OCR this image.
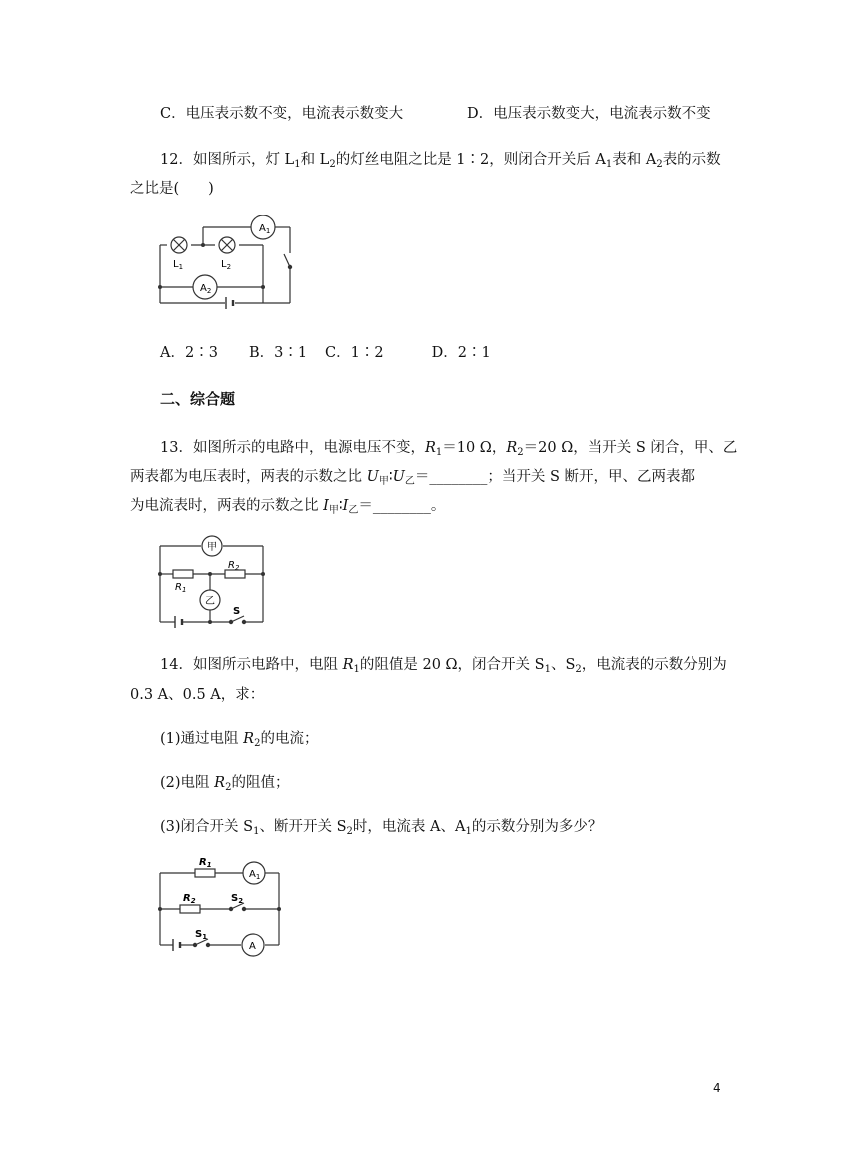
C．电压表示数不变，电流表示数变大	D．电压表示数变大，电流表示数不变
12．如图所示，灯 $L_1$和 $L_2$的灯丝电阻之比是 1∶2，则闭合开关后 $A_1$表和 $A_2$表的示数
之比是(　　)
$A_1$
$A_2$
$L_1$	$L_2$
A．2∶3 B．3∶1 C．1∶2	D．2∶1
二、综合题
13．如图所示的电路中，电源电压不变，$R_1=10$ Ω，$R_2=20$ Ω，当开关 S 闭合，甲、乙
两表都为电压表时，两表的示数之比 $U_甲∶U_乙=\_\_\_\_\_\_\_\_$；当开关 S 断开，甲、乙两表都
为电流表时，两表的示数之比 $I_甲∶I_乙=\_\_\_\_\_\_\_\_$。
甲
$R_1$
$R_2$
乙
S
14．如图所示电路中，电阻 $R_1$的阻值是 20 Ω，闭合开关 $S_1$、$S_2$，电流表的示数分别为
0.3 A、0.5 A，求：
(1)通过电阻 $R_2$的电流；
(2)电阻 $R_2$的阻值；
(3)闭合开关 $S_1$、断开开关 $S_2$时，电流表 A、$A_1$的示数分别为多少？
$R_1$
$A_1$
$R_2$	$S_2$
$S_1$
A
4
